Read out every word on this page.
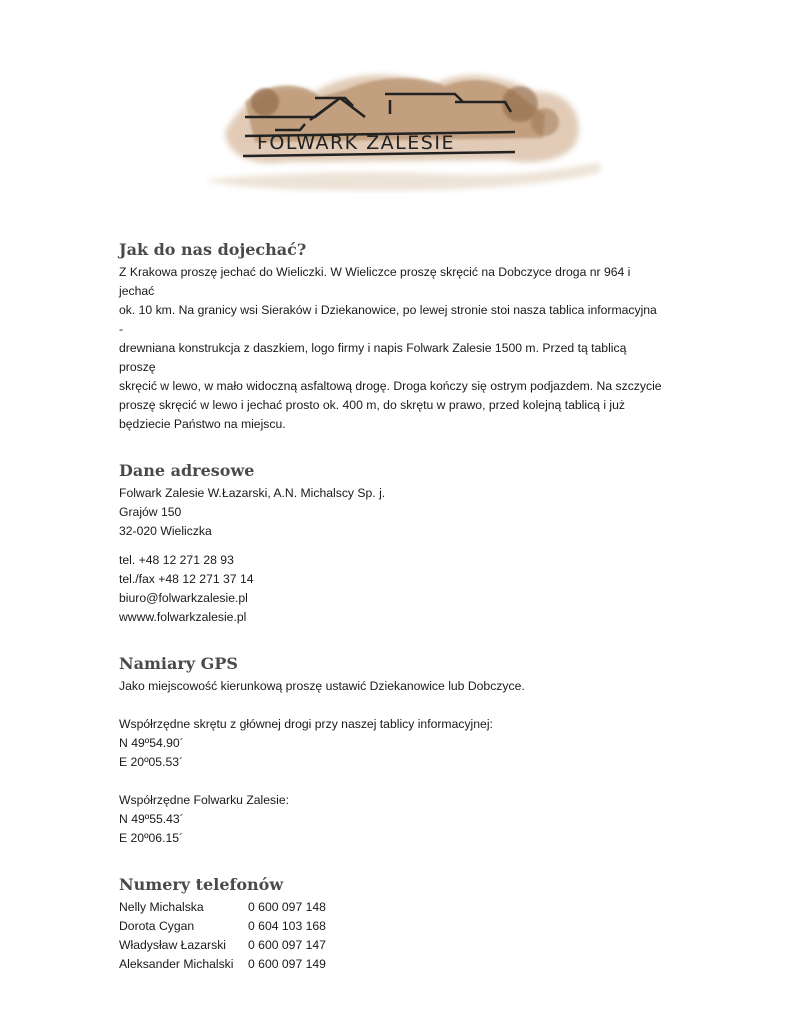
FOLWARK ZALESIE
Jak do nas dojechać?

Z Krakowa proszę jechać do Wieliczki. W Wieliczce proszę skręcić na Dobczyce droga nr 964 i jechać

ok. 10 km. Na granicy wsi Sieraków i Dziekanowice, po lewej stronie stoi nasza tablica informacyjna -

drewniana konstrukcja z daszkiem, logo firmy i napis Folwark Zalesie 1500 m. Przed tą tablicą proszę

skręcić w lewo, w mało widoczną asfaltową drogę. Droga kończy się ostrym podjazdem. Na szczycie

proszę skręcić w lewo i jechać prosto ok. 400 m, do skrętu w prawo, przed kolejną tablicą i już

będziecie Państwo na miejscu.

Dane adresowe

Folwark Zalesie W.Łazarski, A.N. Michalscy Sp. j.

Grajów 150

32-020 Wieliczka

tel. +48 12 271 28 93

tel./fax +48 12 271 37 14

biuro@folwarkzalesie.pl

wwww.folwarkzalesie.pl

Namiary GPS

Jako miejscowość kierunkową proszę ustawić Dziekanowice lub Dobczyce.

Współrzędne skrętu z głównej drogi przy naszej tablicy informacyjnej:

N 49º54.90´

E 20º05.53´

Współrzędne Folwarku Zalesie:

N 49º55.43´

E 20º06.15´

Numery telefonów
Nelly Michalska	0 600 097 148
Dorota Cygan	0 604 103 168
Władysław Łazarski	0 600 097 147
Aleksander Michalski	0 600 097 149
